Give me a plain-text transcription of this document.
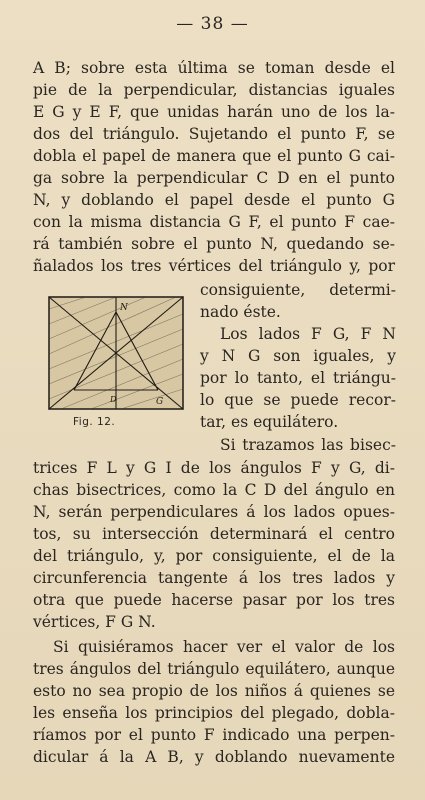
— 38 —
A B; sobre esta última se toman desde el
pie de la perpendicular, distancias iguales
E G y E F, que unidas harán uno de los la-
dos del triángulo. Sujetando el punto F, se
dobla el papel de manera que el punto G cai-
ga sobre la perpendicular C D en el punto
N, y doblando el papel desde el punto G
con la misma distancia G F, el punto F cae-
rá también sobre el punto N, quedando se-
ñalados los tres vértices del triángulo y, por
consiguiente, determi-
nado éste.
Los lados F G, F N
y N G son iguales, y
por lo tanto, el triángu-
lo que se puede recor-
tar, es equilátero.
Si trazamos las bisec-
trices F L y G I de los ángulos F y G, di-
chas bisectrices, como la C D del ángulo en
N, serán perpendiculares á los lados opues-
tos, su intersección determinará el centro
del triángulo, y, por consiguiente, el de la
circunferencia tangente á los tres lados y
otra que puede hacerse pasar por los tres
vértices, F G N.
Si quisiéramos hacer ver el valor de los
tres ángulos del triángulo equilátero, aunque
esto no sea propio de los niños á quienes se
les enseña los principios del plegado, dobla-
ríamos por el punto F indicado una perpen-
dicular á la A B, y doblando nuevamente
N
D	G
Fig. 12.
